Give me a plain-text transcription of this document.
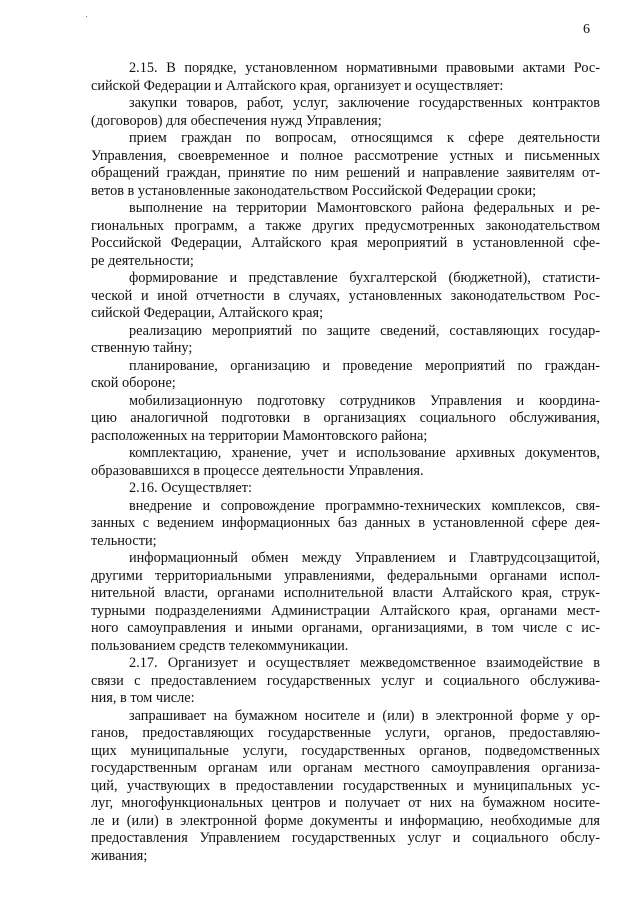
6
2.15. В порядке, установленном нормативными правовыми актами Рос-
сийской Федерации и Алтайского края, организует и осуществляет:
закупки товаров, работ, услуг, заключение государственных контрактов
(договоров) для обеспечения нужд Управления;
прием граждан по вопросам, относящимся к сфере деятельности
Управления, своевременное и полное рассмотрение устных и письменных
обращений граждан, принятие по ним решений и направление заявителям от-
ветов в установленные законодательством Российской Федерации сроки;
выполнение на территории Мамонтовского района федеральных и ре-
гиональных программ, а также других предусмотренных законодательством
Российской Федерации, Алтайского края мероприятий в установленной сфе-
ре деятельности;
формирование и представление бухгалтерской (бюджетной), статисти-
ческой и иной отчетности в случаях, установленных законодательством Рос-
сийской Федерации, Алтайского края;
реализацию мероприятий по защите сведений, составляющих государ-
ственную тайну;
планирование, организацию и проведение мероприятий по граждан-
ской обороне;
мобилизационную подготовку сотрудников Управления и координа-
цию аналогичной подготовки в организациях социального обслуживания,
расположенных на территории Мамонтовского района;
комплектацию, хранение, учет и использование архивных документов,
образовавшихся в процессе деятельности Управления.
2.16. Осуществляет:
внедрение и сопровождение программно-технических комплексов, свя-
занных с ведением информационных баз данных в установленной сфере дея-
тельности;
информационный обмен между Управлением и Главтрудсоцзащитой,
другими территориальными управлениями, федеральными органами испол-
нительной власти, органами исполнительной власти Алтайского края, струк-
турными подразделениями Администрации Алтайского края, органами мест-
ного самоуправления и иными органами, организациями, в том числе с ис-
пользованием средств телекоммуникации.
2.17. Организует и осуществляет межведомственное взаимодействие в
связи с предоставлением государственных услуг и социального обслужива-
ния, в том числе:
запрашивает на бумажном носителе и (или) в электронной форме у ор-
ганов, предоставляющих государственные услуги, органов, предоставляю-
щих муниципальные услуги, государственных органов, подведомственных
государственным органам или органам местного самоуправления организа-
ций, участвующих в предоставлении государственных и муниципальных ус-
луг, многофункциональных центров и получает от них на бумажном носите-
ле и (или) в электронной форме документы и информацию, необходимые для
предоставления Управлением государственных услуг и социального обслу-
живания;
